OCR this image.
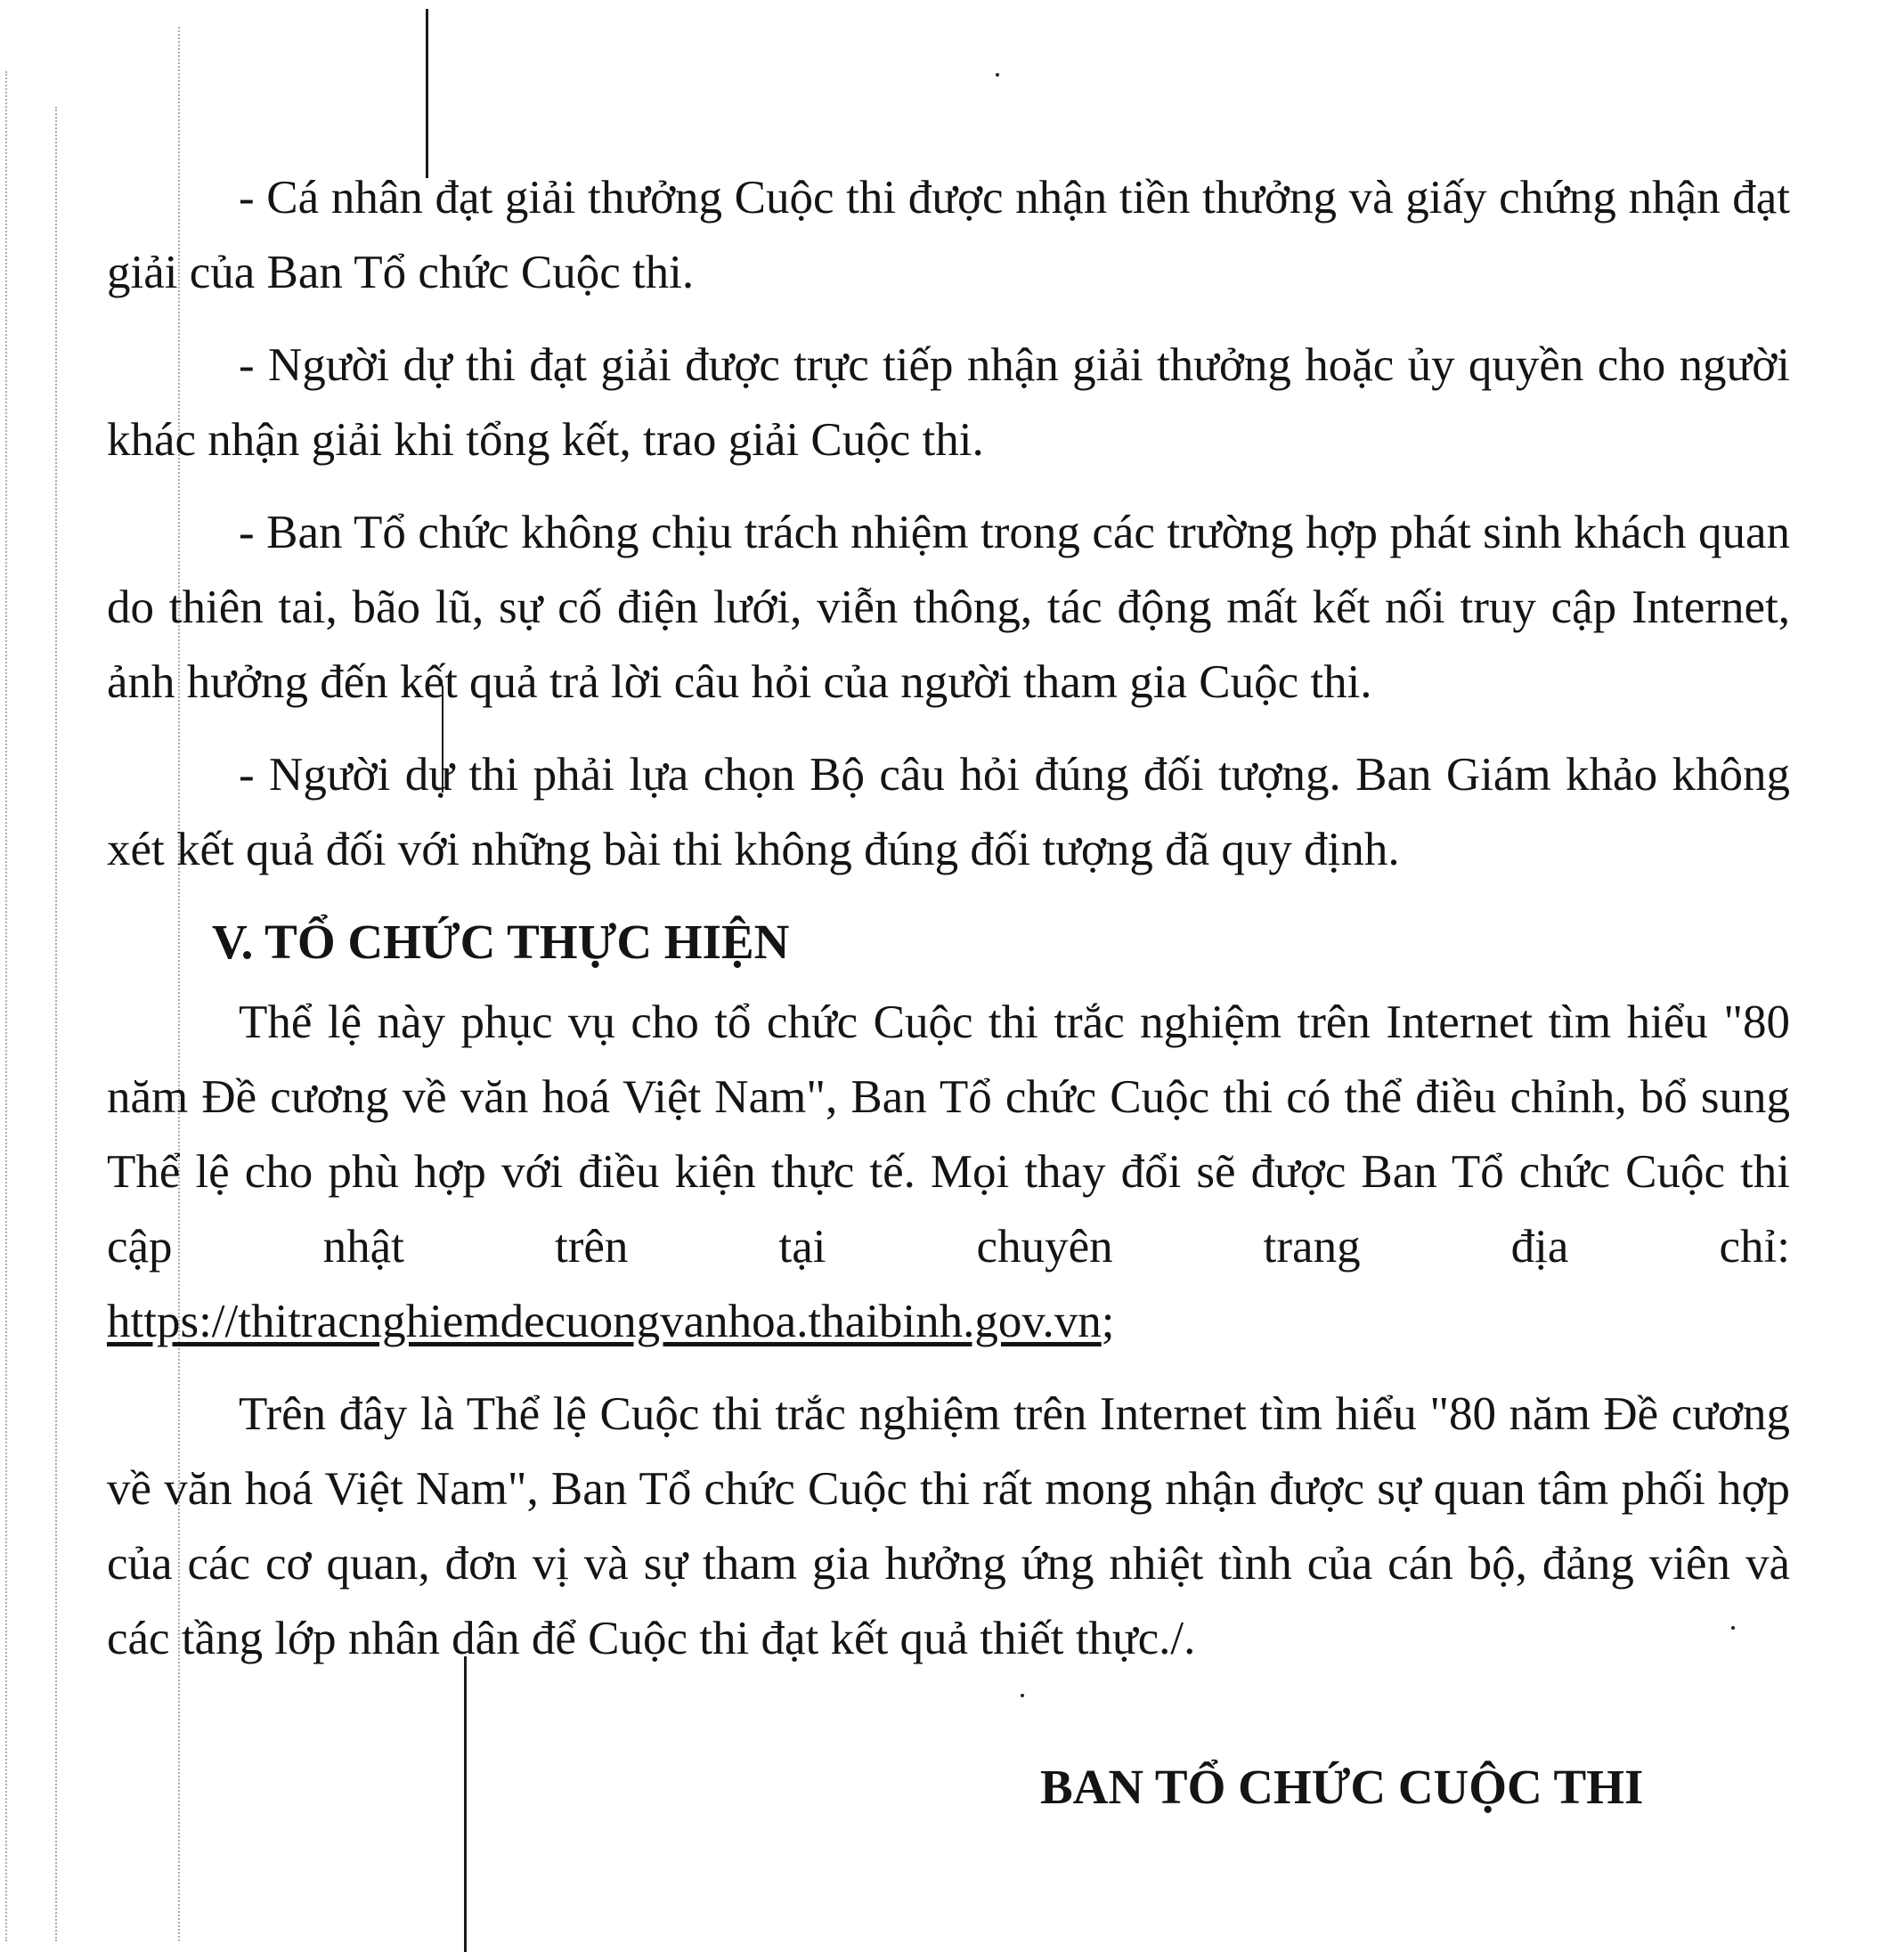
- Cá nhân đạt giải thưởng Cuộc thi được nhận tiền thưởng và giấy chứng nhận đạt giải của Ban Tổ chức Cuộc thi.

- Người dự thi đạt giải được trực tiếp nhận giải thưởng hoặc ủy quyền cho người khác nhận giải khi tổng kết, trao giải Cuộc thi.

- Ban Tổ chức không chịu trách nhiệm trong các trường hợp phát sinh khách quan do thiên tai, bão lũ, sự cố điện lưới, viễn thông, tác động mất kết nối truy cập Internet, ảnh hưởng đến kết quả trả lời câu hỏi của người tham gia Cuộc thi.

- Người dự thi phải lựa chọn Bộ câu hỏi đúng đối tượng. Ban Giám khảo không xét kết quả đối với những bài thi không đúng đối tượng đã quy định.

V. TỔ CHỨC THỰC HIỆN

Thể lệ này phục vụ cho tổ chức Cuộc thi trắc nghiệm trên Internet tìm hiểu "80 năm Đề cương về văn hoá Việt Nam", Ban Tổ chức Cuộc thi có thể điều chỉnh, bổ sung Thể lệ cho phù hợp với điều kiện thực tế. Mọi thay đổi sẽ được Ban Tổ chức Cuộc thi cập nhật trên tại chuyên trang địa chỉ: https://thitracnghiemdecuongvanhoa.thaibinh.gov.vn;

Trên đây là Thể lệ Cuộc thi trắc nghiệm trên Internet tìm hiểu "80 năm Đề cương về văn hoá Việt Nam", Ban Tổ chức Cuộc thi rất mong nhận được sự quan tâm phối hợp của các cơ quan, đơn vị và sự tham gia hưởng ứng nhiệt tình của cán bộ, đảng viên và các tầng lớp nhân dân để Cuộc thi đạt kết quả thiết thực./.

BAN TỔ CHỨC CUỘC THI
